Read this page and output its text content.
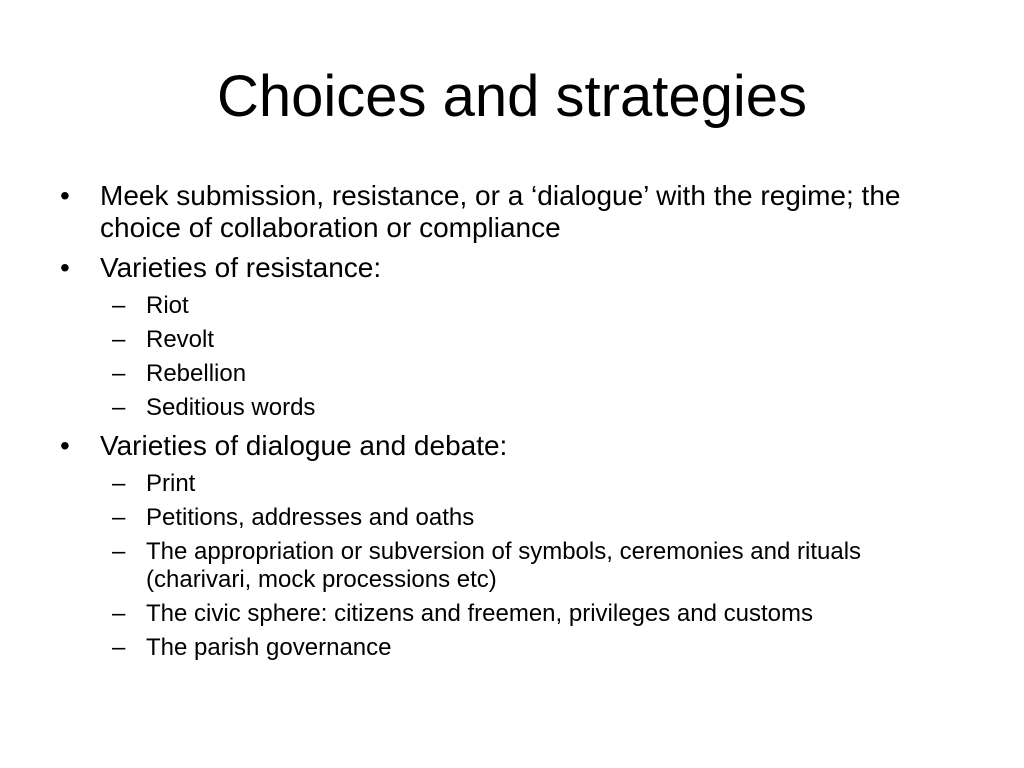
Choices and strategies
• Meek submission, resistance, or a ‘dialogue’ with the regime; the choice of collaboration or compliance
• Varieties of resistance:
– Riot
– Revolt
– Rebellion
– Seditious words
• Varieties of dialogue and debate:
– Print
– Petitions, addresses and oaths
– The appropriation or subversion of symbols, ceremonies and rituals (charivari, mock processions etc)
– The civic sphere: citizens and freemen, privileges and customs
– The parish governance
